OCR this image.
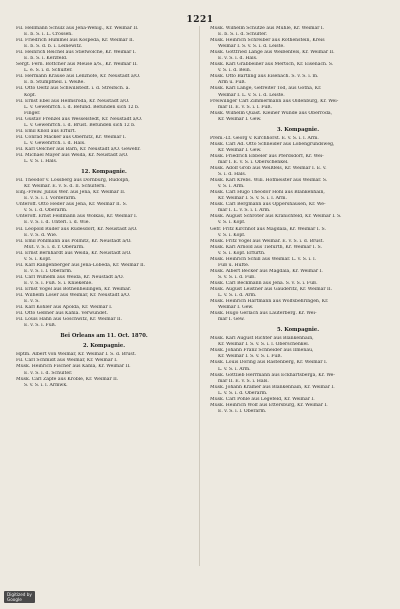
1221
Fil. Hellmann Schulz aus Jena-Wenig., Kr. Weimar II.
E. b. S. i. L. Crossen.
Fil. Friedrich Hummel aus Kospeda, Kr. Weimar II.
E. b. S. d. b. i. Leinewitz.
Fil. Heinrich Reichel aus Stiefwolche, Kr. Weimar I.
E. b. S. i. Kerzfeld.
Sergt. Fern. Böttcher aus Meuse a/S., Kr. Weimar II.
L. e. S. i. d. Schulter.
Fil. Hermann Krause aus Lenzhöfe, Kr. Neustadt a/O.
E. b. Stumpfheil. i. Weiße.
Fil. Otto Oeltz aus Schwillstedt. i. d. Streifsch. a.
Kopf.
Fil. Ernst Ebel aus Helmsroda, Kr. Neustadt a/O.
L. v. Gewehrfch. i. d. Befund. Befunden sich 12 b.
Finger.
Fil. Gustav Frenzel aus Wesselstedt, Kr. Neustadt a/O.
L. v. Gewehrfch. i. d. Brust. Befunden sich 12 b.
Fil. Emil Knoll aus Erfurt.
Fil. Conrad Mäcker aus Obernitz, Kr. Weimar I.
L. v. Gewehrfch. i. d. Hals.
Fil. Karl Oelcher aus Bärn, Kr. Neustadt a/O. Gewehr.
Fil. Michael Mayer aus Weida, Kr. Neustadt a/O.
L. v. S. i. Hals.
12. Kompagnie.
Fil. Theodor v. Lossberg aus Dornburg, Rudolph,
Kr. Weimar. E. v. S. d. Il. Schultern.
Einj.-Freiw. Julius Wer. aus Jena, Kr. Weimar II.
E. v. S. i. l. Vorderarm.
Unteroff. Otto Heder aus Jena, Kr. Weimar II. S.
v. S. i. d. Oberarm.
Unteroff. Ernst Feldmann aus Wolkau, Kr. Weimar I.
E. v. S. i. d. Unterl. i. d. Wie.
Fil. Leopold Rüder aus Rüdesdorf, Kr. Neustadt a/O.
E. v. S. d. Wie.
Fil. Emil Pohlmann aus Pöllnitz, Kr. Neustadt a/O.
Mut. v. S. i. d. r. Oberarm.
Fil. Ernst Bernhardt aus Weida, Kr. Neustadt a/O.
v. S. i. Kopf.
Fil. Karl Rangenberger aus Jena-Lobeda, Kr. Weimar II.
E. v. S. i. l. Oberarm.
Fil. Carl Wilhelm aus Weida, Kr. Neustadt a/O.
E. v. S. i. Fuß. S. i. Kniekehle.
Fil. Ernst Vogel aus Bothenheilingen, Kr. Weimar.
Fil. Wilhelm Löser aus Weimar, Kr. Neustadt a/O.
E. v. S.
Fil. Karl Köhler aus Apolda, Kr. Weimar I.
Fil. Otto Geßner aus Kahla. Verwundet.
Fil. Louis Hahn aus Göschwitz, Kr. Weimar II.
E. v. S. i. Fuß.
Bei Orleans am 11. Oct. 1870.
2. Kompagnie.
Hptm. Albert von Weimar, Kr. Weimar I. S. d. Brust.
Fil. Carl Schmidt aus Weimar, Kr. Weimar I.
Musk. Heinrich Fischer aus Kahla, Kr. Weimar II.
E. v. S. i. d. Schulter.
Musk. Carl Zapfe aus Kröble, Kr. Weimar II.
S. v. S. i. l. Armwk.
Musk. Wilhelm Schütze aus Mühle, Kr. Weimar I.
E. b. S. i. d. Schulter.
Musk. Heinrich Schreiber aus Rothenstein, Kreis
Weimar I. S. v. S. i. d. Leiste.
Musk. Gottfried Lange aus Weißenfels, Kr. Weimar II.
E. v. S. i. d. Hals.
Musk. Karl Grabbeiner aus Mertsch, Kr. Eisenach. S.
v. S. i. d. Bein.
Musk. Otto Bärtling aus Eisenach. S. v. S. i. m.
Arm u. Fuß.
Musk. Karl Lange, Gefreiter Tod, aus Gotha, Kr.
Weimar I. L. v. S. i. d. Leiste.
Freiwilliger Carl Zimmermann aus Oldenburg, Kr. Wei-
mar II. E. v. S. i. l. Fuß.
Musk. Wilhelm Quast. Kleiner Wunde aus Oberroda,
Kr. Weimar I. Gew.
3. Kompagnie.
Prem.-Lt. Georg v. Kirchhorst. E. v. S. i. l. Arm.
Musk. Carl Ad. Otto Schneider aus Löbengrundsweg,
Kr. Weimar I. Gew.
Musk. Friedrich Ebbeler aus Pferdsdorf, Kr. Wei-
mar I. E. v. S. i. Oberschenkel.
Musk. Adolf Grob aus Weißfels, Kr. Weimar I. E. v.
S. i. d. Hals.
Musk. Karl Krebs. Wili. Hofmeister aus Weimar. S.
v. S. i. Arm.
Musk. Carl Hugo Theodor Hohl aus Blankenhain,
Kr. Weimar I. S. v. S. i. l. Arm.
Musk. Carl Bergmann aus Oppershausen, Kr. We-
mar I. L. v. S. i. l. Arm.
Musk. August Schröter aus Kranichfeld, Kr. Weimar I. S.
v. S. i. Kopf.
Gefr. Fritz Kirchhof aus Magdala, Kr. Weimar I. S.
v. S. i. Kopf.
Musk. Fritz Vogel aus Weimar. E. v. S. i. d. Brust.
Musk. Karl Arnold aus Tiefurth, Kr. Weimar I. S.
v. S. i. Kopf. Erfurth.
Musk. Heinrich Schill aus Weimar. L. v. S. i. l.
Fuß u. Hüfte.
Musk. Albert Becker aus Magdala, Kr. Weimar I.
S. v. S. i. d. Fuß.
Musk. Carl Beckmann aus Jena. S. v. S. i. Fuß.
Musk. August Leistner aus Gauderitz, Kr. Weimar II.
L. v. S. i. d. Arm.
Musk. Heinrich Hartmann aus Wolfsbehringen, Kr.
Weimar I. Gew.
Musk. Hugo Gerlach aus Lauterberg. Kr. Wei-
mar I. Gew.
5. Kompagnie.
Musk. Karl August Richter aus Blankenhain,
Kr. Weimar I. S. v. S. i. l. Oberschenkel.
Musk. Johann Franz Schneider aus Ilmenau,
Kr. Weimar I. S. v. S. i. Fuß.
Musk. Louis Döring aus Rastenberg, Kr. Weimar I.
L. v. S. i. Arm.
Musk. Gottlieb Herrmann aus Eckhartsberga, Kr. We-
mar II. E. v. S. i. Hals.
Musk. Johann Kramer aus Blankenhain, Kr. Weimar I.
L. v. S. i. d. Oberarm.
Musk. Carl Pohle aus Legefeld, Kr. Weimar I.
Musk. Heinrich Wolf aus Ettersburg, Kr. Weimar I.
E. v. S. i. l. Oberarm.
Digitized by
Google
